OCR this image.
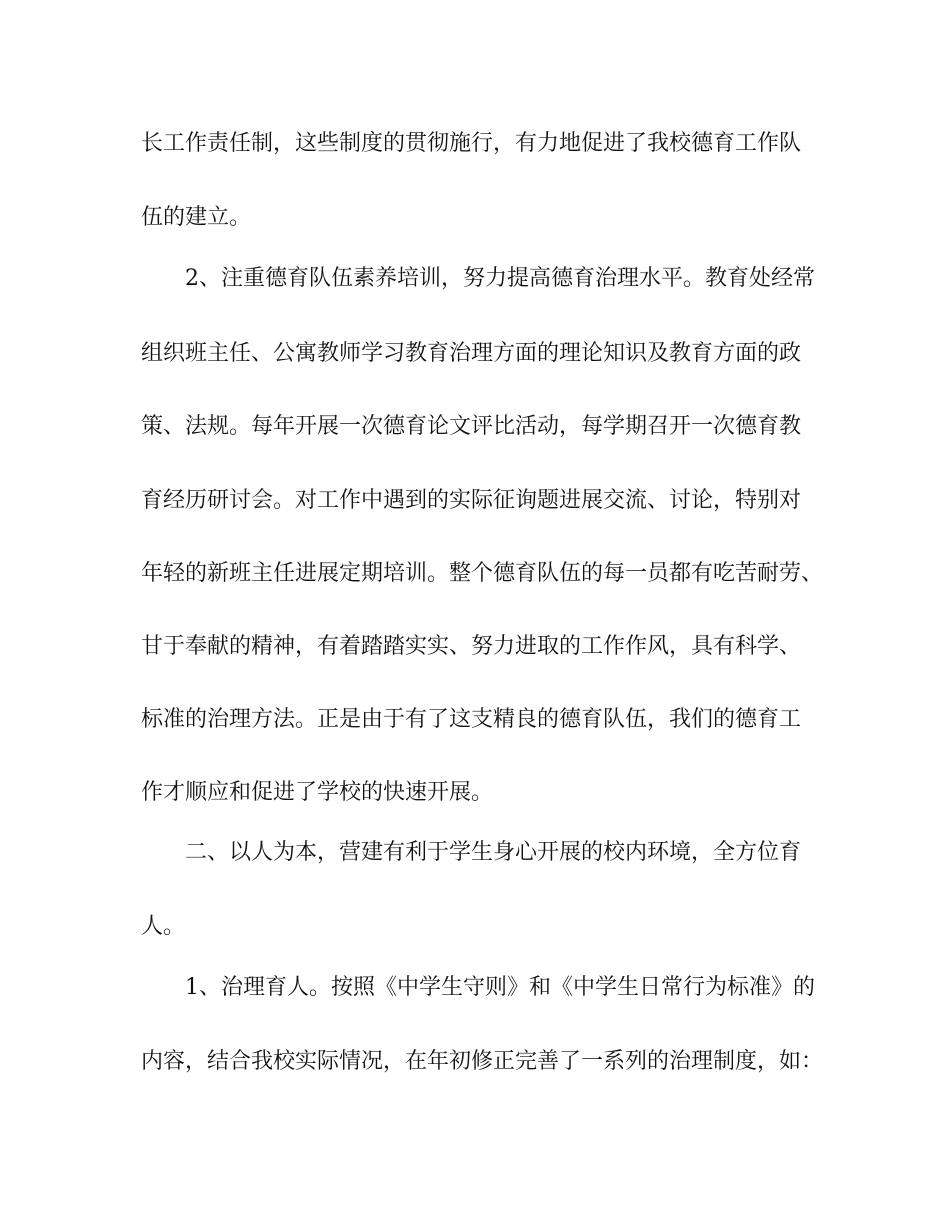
长工作责任制，这些制度的贯彻施行，有力地促进了我校德育工作队
伍的建立。
2、注重德育队伍素养培训，努力提高德育治理水平。教育处经常
组织班主任、公寓教师学习教育治理方面的理论知识及教育方面的政
策、法规。每年开展一次德育论文评比活动，每学期召开一次德育教
育经历研讨会。对工作中遇到的实际征询题进展交流、讨论，特别对
年轻的新班主任进展定期培训。整个德育队伍的每一员都有吃苦耐劳、
甘于奉献的精神，有着踏踏实实、努力进取的工作作风，具有科学、
标准的治理方法。正是由于有了这支精良的德育队伍，我们的德育工
作才顺应和促进了学校的快速开展。
二、以人为本，营建有利于学生身心开展的校内环境，全方位育
人。
1、治理育人。按照《中学生守则》和《中学生日常行为标准》的
内容，结合我校实际情况，在年初修正完善了一系列的治理制度，如：
